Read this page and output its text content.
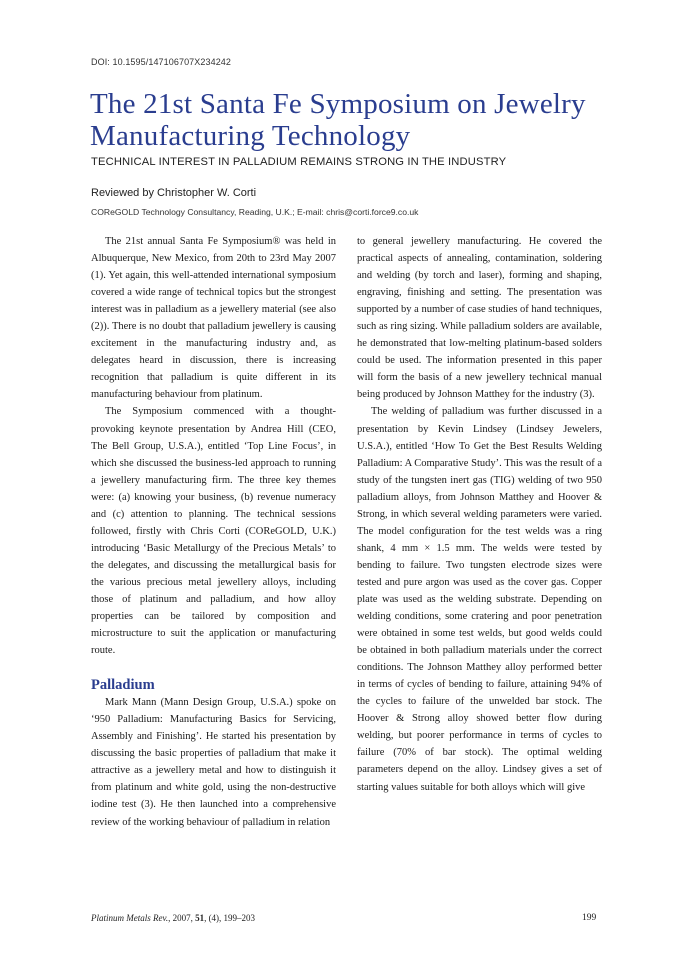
DOI: 10.1595/147106707X234242
The 21st Santa Fe Symposium on Jewelry Manufacturing Technology
TECHNICAL INTEREST IN PALLADIUM REMAINS STRONG IN THE INDUSTRY
Reviewed by Christopher W. Corti
COReGOLD Technology Consultancy, Reading, U.K.; E-mail: chris@corti.force9.co.uk

The 21st annual Santa Fe Symposium® was held in Albuquerque, New Mexico, from 20th to 23rd May 2007 (1). Yet again, this well-attended international symposium covered a wide range of technical topics but the strongest interest was in palladium as a jewellery material (see also (2)). There is no doubt that palladium jewellery is causing excitement in the manufacturing industry and, as delegates heard in discussion, there is increasing recognition that palladium is quite different in its manufacturing behaviour from platinum.

The Symposium commenced with a thought-provoking keynote presentation by Andrea Hill (CEO, The Bell Group, U.S.A.), entitled ‘Top Line Focus’, in which she discussed the business-led approach to running a jewellery manufacturing firm. The three key themes were: (a) knowing your business, (b) revenue numeracy and (c) attention to planning. The technical sessions followed, firstly with Chris Corti (COReGOLD, U.K.) introducing ‘Basic Metallurgy of the Precious Metals’ to the delegates, and discussing the metallurgical basis for the various precious metal jewellery alloys, including those of platinum and palladium, and how alloy properties can be tailored by composition and microstructure to suit the application or manufacturing route.

Palladium

Mark Mann (Mann Design Group, U.S.A.) spoke on ‘950 Palladium: Manufacturing Basics for Servicing, Assembly and Finishing’. He started his presentation by discussing the basic properties of palladium that make it attractive as a jewellery metal and how to distinguish it from platinum and white gold, using the non-destructive iodine test (3). He then launched into a comprehensive review of the working behaviour of palladium in relation

to general jewellery manufacturing. He covered the practical aspects of annealing, contamination, soldering and welding (by torch and laser), forming and shaping, engraving, finishing and setting. The presentation was supported by a number of case studies of hand techniques, such as ring sizing. While palladium solders are available, he demonstrated that low-melting platinum-based solders could be used. The information presented in this paper will form the basis of a new jewellery technical manual being produced by Johnson Matthey for the industry (3).

The welding of palladium was further discussed in a presentation by Kevin Lindsey (Lindsey Jewelers, U.S.A.), entitled ‘How To Get the Best Results Welding Palladium: A Comparative Study’. This was the result of a study of the tungsten inert gas (TIG) welding of two 950 palladium alloys, from Johnson Matthey and Hoover & Strong, in which several welding parameters were varied. The model configuration for the test welds was a ring shank, 4 mm × 1.5 mm. The welds were tested by bending to failure. Two tungsten electrode sizes were tested and pure argon was used as the cover gas. Copper plate was used as the welding substrate. Depending on welding conditions, some cratering and poor penetration were obtained in some test welds, but good welds could be obtained in both palladium materials under the correct conditions. The Johnson Matthey alloy performed better in terms of cycles of bending to failure, attaining 94% of the cycles to failure of the unwelded bar stock. The Hoover & Strong alloy showed better flow during welding, but poorer performance in terms of cycles to failure (70% of bar stock). The optimal welding parameters depend on the alloy. Lindsey gives a set of starting values suitable for both alloys which will give

Platinum Metals Rev., 2007, 51, (4), 199–203	199
